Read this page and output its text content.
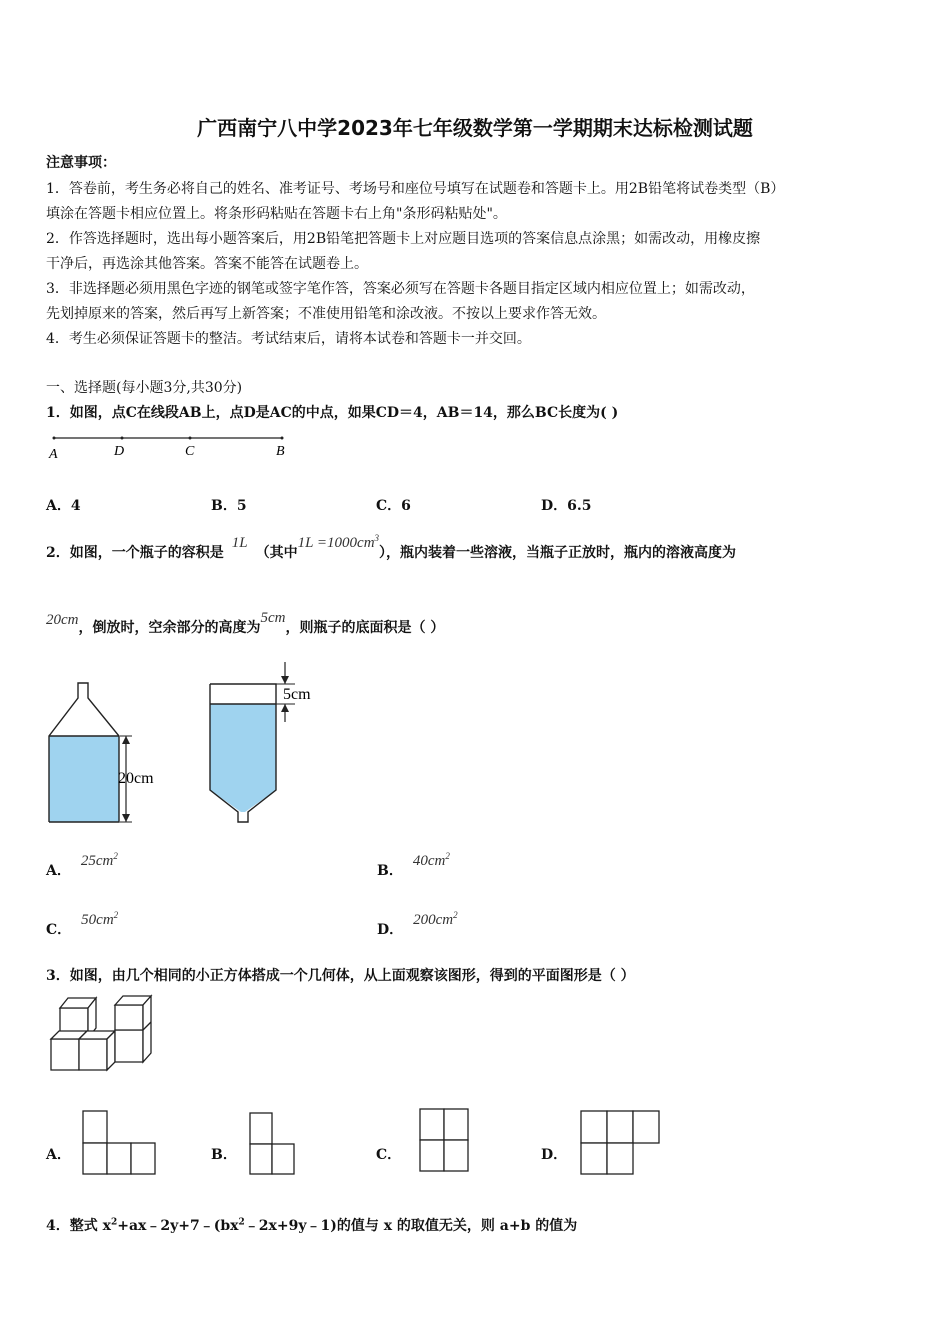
广西南宁八中学2023年七年级数学第一学期期末达标检测试题
注意事项：
1．答卷前，考生务必将自己的姓名、准考证号、考场号和座位号填写在试题卷和答题卡上。用2B铅笔将试卷类型（B）
填涂在答题卡相应位置上。将条形码粘贴在答题卡右上角"条形码粘贴处"。
2．作答选择题时，选出每小题答案后，用2B铅笔把答题卡上对应题目选项的答案信息点涂黑；如需改动，用橡皮擦
干净后，再选涂其他答案。答案不能答在试题卷上。
3．非选择题必须用黑色字迹的钢笔或签字笔作答，答案必须写在答题卡各题目指定区域内相应位置上；如需改动，
先划掉原来的答案，然后再写上新答案；不准使用铅笔和涂改液。不按以上要求作答无效。
4．考生必须保证答题卡的整洁。考试结束后，请将本试卷和答题卡一并交回。
一、选择题(每小题3分,共30分)
1．如图，点C在线段AB上，点D是AC的中点，如果CD＝4，AB＝14，那么BC长度为( )
A	D	C	B
A．4	B．5	C．6	D．6.5
2．如图，一个瓶子的容积是1L（其中$1L =1000cm^3$），瓶内装着一些溶液，当瓶子正放时，瓶内的溶液高度为
20cm，倒放时，空余部分的高度为5cm，则瓶子的底面积是（ ）
20cm
5cm
A．$25cm^2$
B．$40cm^2$
C．$50cm^2$
D．$200cm^2$
3．如图，由几个相同的小正方体搭成一个几何体，从上面观察该图形，得到的平面图形是（ ）
A．	B．	C．	D．
4．整式 $x^2+ax﹣2y+7﹣(bx^2﹣2x+9y﹣1)$的值与 x 的取值无关，则 a+b 的值为
